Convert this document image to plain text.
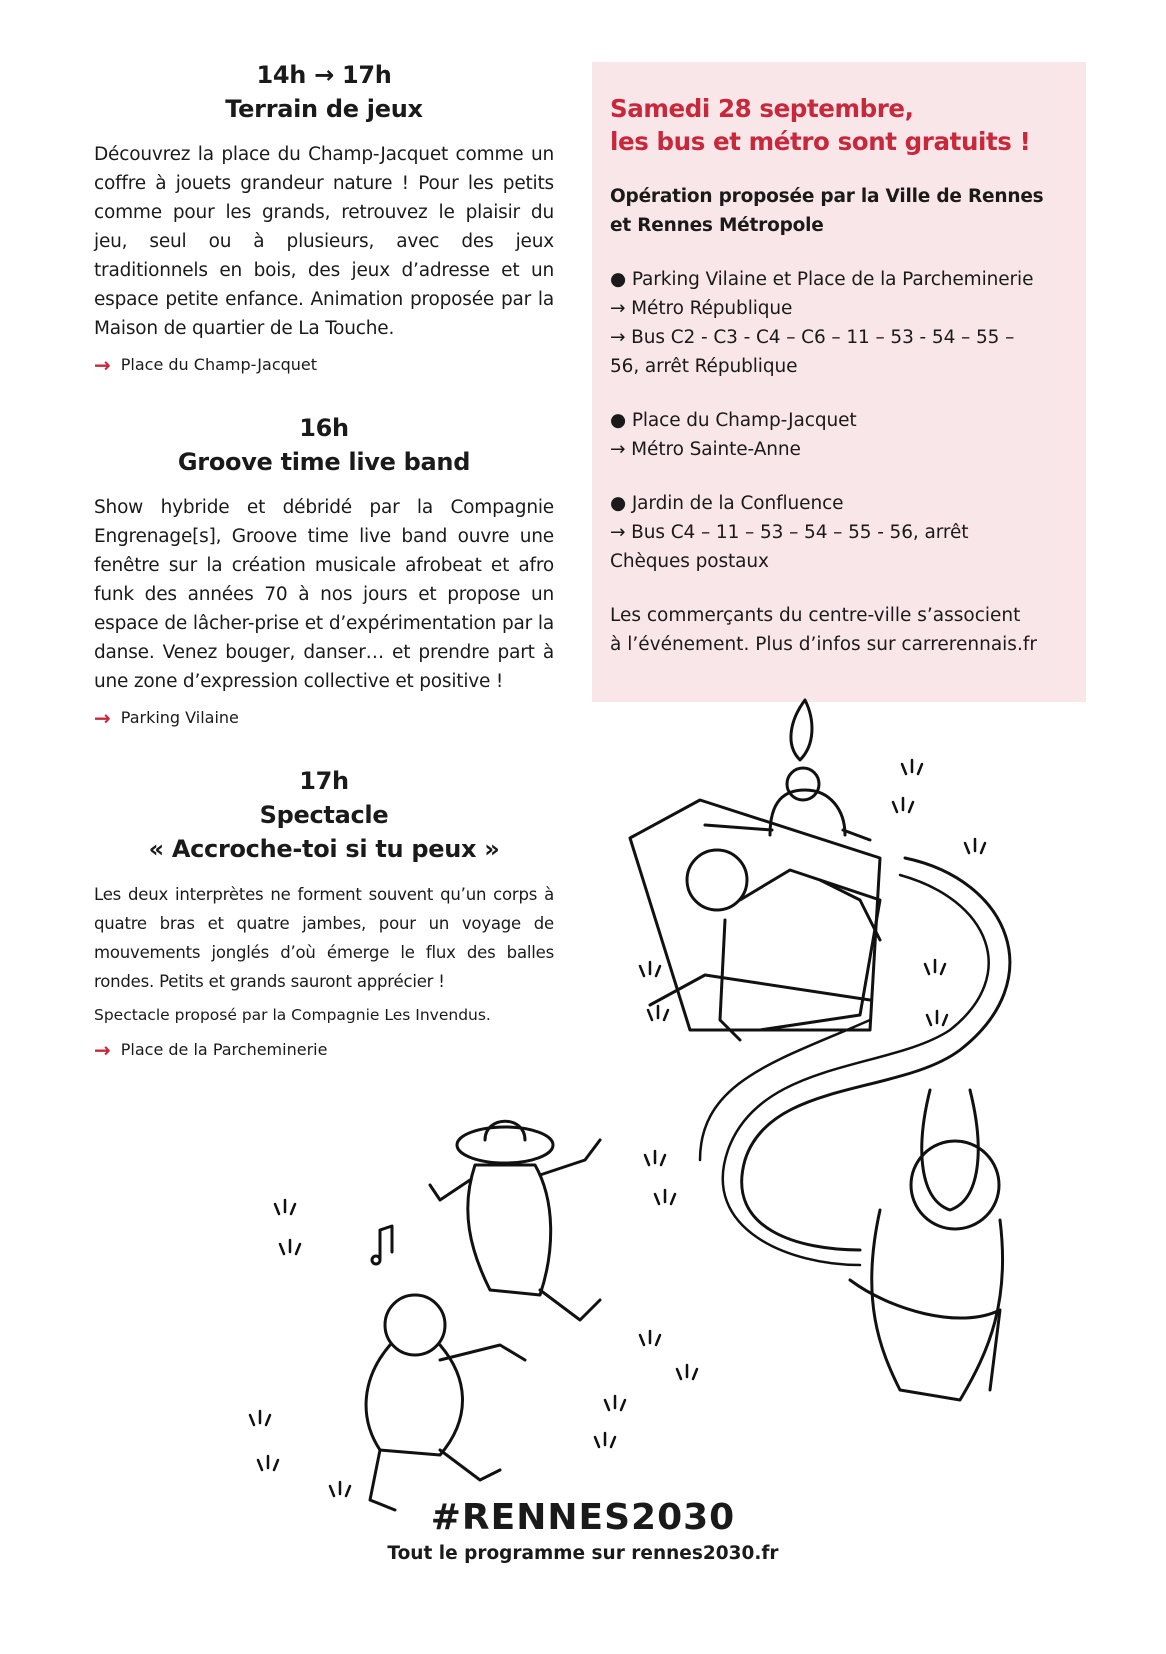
14h → 17h

Terrain de jeux

Découvrez la place du Champ-Jacquet comme un coffre à jouets grandeur nature ! Pour les petits comme pour les grands, retrouvez le plaisir du jeu, seul ou à plusieurs, avec des jeux traditionnels en bois, des jeux d’adresse et un espace petite enfance. Animation proposée par la Maison de quartier de La Touche.

→ Place du Champ-Jacquet

16h

Groove time live band

Show hybride et débridé par la Compagnie Engrenage[s], Groove time live band ouvre une fenêtre sur la création musicale afrobeat et afro funk des années 70 à nos jours et propose un espace de lâcher-prise et d’expérimentation par la danse. Venez bouger, danser… et prendre part à une zone d’expression collective et positive !

→ Parking Vilaine

17h

Spectacle

« Accroche-toi si tu peux »

Les deux interprètes ne forment souvent qu’un corps à quatre bras et quatre jambes, pour un voyage de mouvements jonglés d’où émerge le flux des balles rondes. Petits et grands sauront apprécier !

Spectacle proposé par la Compagnie Les Invendus.

→ Place de la Parcheminerie

Samedi 28 septembre,
les bus et métro sont gratuits !

Opération proposée par la Ville de Rennes
et Rennes Métropole

● Parking Vilaine et Place de la Parcheminerie
→ Métro République
→ Bus C2 - C3 - C4 – C6 – 11 – 53 - 54 – 55 –
56, arrêt République
● Place du Champ-Jacquet
→ Métro Sainte-Anne
● Jardin de la Confluence
→ Bus C4 – 11 – 53 – 54 – 55 - 56, arrêt
Chèques postaux

Les commerçants du centre-ville s’associent
à l’événement. Plus d’infos sur carrerennais.fr

#RENNES2030

Tout le programme sur rennes2030.fr
